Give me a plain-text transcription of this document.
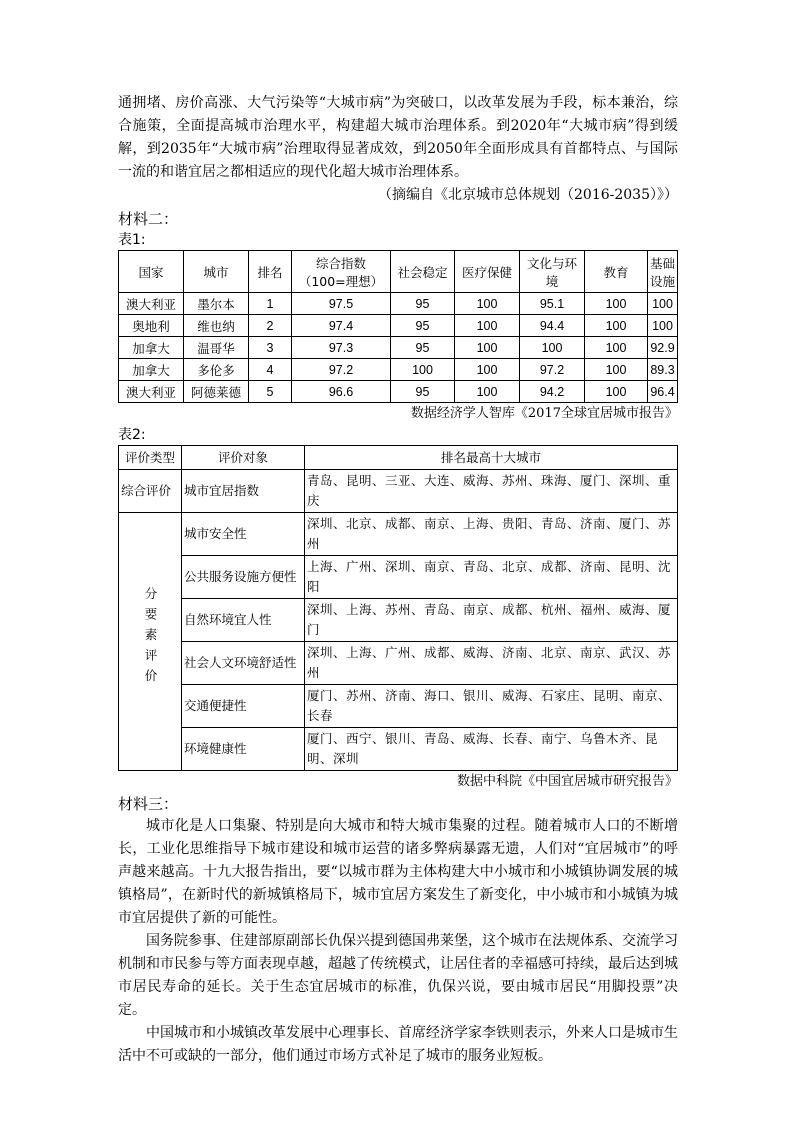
通拥堵、房价高涨、大气污染等“大城市病”为突破口，以改革发展为手段，标本兼治，综合施策，全面提高城市治理水平，构建超大城市治理体系。到2020年“大城市病”得到缓解，到2035年“大城市病”治理取得显著成效，到2050年全面形成具有首都特点、与国际一流的和谐宜居之都相适应的现代化超大城市治理体系。

（摘编自《北京城市总体规划（2016-2035）》）

材料二：

表1:

国家	城市	排名	综合指数（100=理想）	社会稳定	医疗保健	文化与环境	教育	基础设施
澳大利亚	墨尔本	1	97.5	95	100	95.1	100	100
奥地利	维也纳	2	97.4	95	100	94.4	100	100
加拿大	温哥华	3	97.3	95	100	100	100	92.9
加拿大	多伦多	4	97.2	100	100	97.2	100	89.3
澳大利亚	阿德莱德	5	96.6	95	100	94.2	100	96.4

数据经济学人智库《2017全球宜居城市报告》

表2:

评价类型	评价对象	排名最高十大城市
综合评价	城市宜居指数	青岛、昆明、三亚、大连、威海、苏州、珠海、厦门、深圳、重庆
分要素评价	城市安全性	深圳、北京、成都、南京、上海、贵阳、青岛、济南、厦门、苏州
	公共服务设施方便性	上海、广州、深圳、南京、青岛、北京、成都、济南、昆明、沈阳
	自然环境宜人性	深圳、上海、苏州、青岛、南京、成都、杭州、福州、威海、厦门
	社会人文环境舒适性	深圳、上海、广州、成都、威海、济南、北京、南京、武汉、苏州
	交通便捷性	厦门、苏州、济南、海口、银川、威海、石家庄、昆明、南京、长春
	环境健康性	厦门、西宁、银川、青岛、威海、长春、南宁、乌鲁木齐、昆明、深圳

数据中科院《中国宜居城市研究报告》

材料三：

城市化是人口集聚、特别是向大城市和特大城市集聚的过程。随着城市人口的不断增长，工业化思维指导下城市建设和城市运营的诸多弊病暴露无遗，人们对“宜居城市”的呼声越来越高。十九大报告指出，要“以城市群为主体构建大中小城市和小城镇协调发展的城镇格局”，在新时代的新城镇格局下，城市宜居方案发生了新变化，中小城市和小城镇为城市宜居提供了新的可能性。

国务院参事、住建部原副部长仇保兴提到德国弗莱堡，这个城市在法规体系、交流学习机制和市民参与等方面表现卓越，超越了传统模式，让居住者的幸福感可持续，最后达到城市居民寿命的延长。关于生态宜居城市的标准，仇保兴说，要由城市居民“用脚投票”决定。

中国城市和小城镇改革发展中心理事长、首席经济学家李铁则表示，外来人口是城市生活中不可或缺的一部分，他们通过市场方式补足了城市的服务业短板。
